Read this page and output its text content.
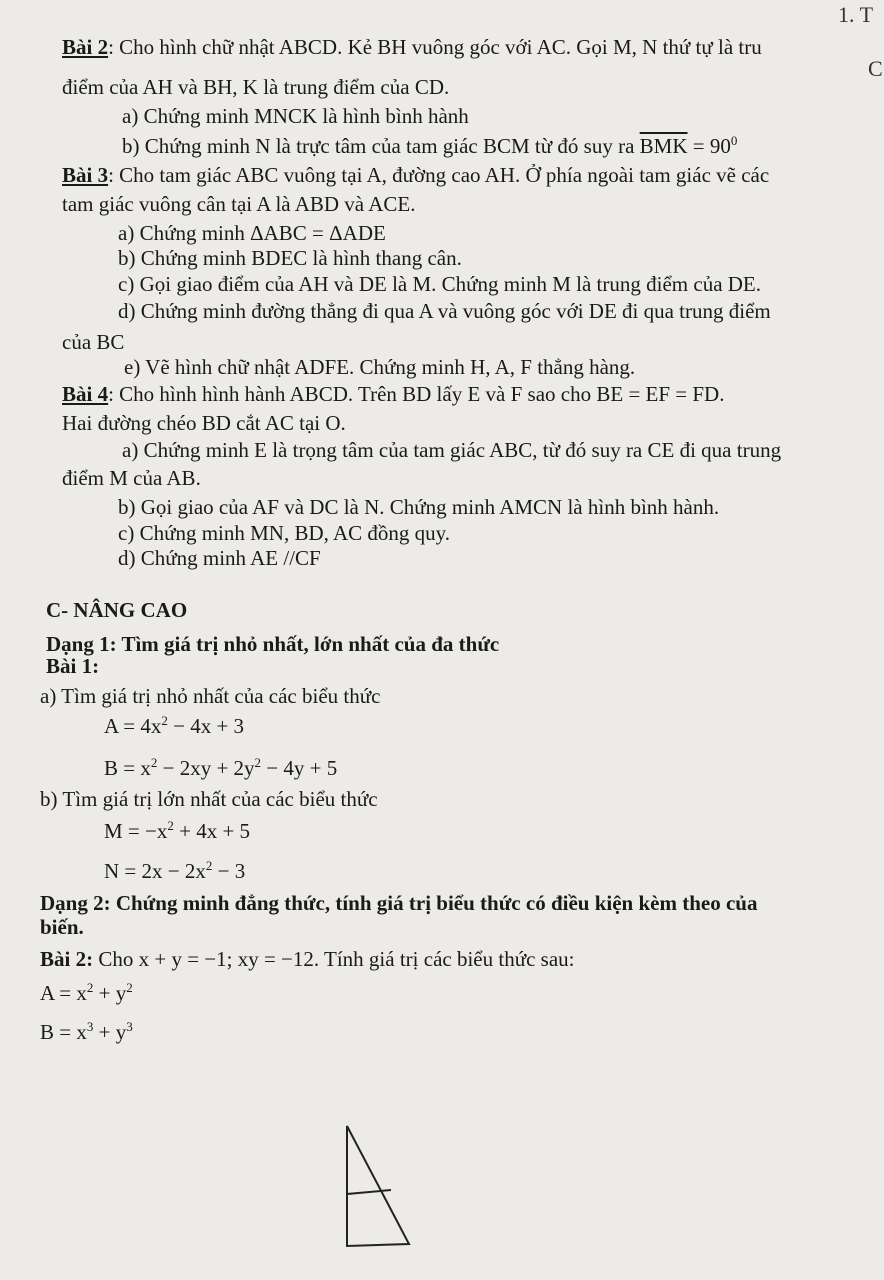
1. T
C
Bài 2: Cho hình chữ nhật ABCD. Kẻ BH vuông góc với AC. Gọi M, N thứ tự là tru
điểm của AH và BH, K là trung điểm của CD.
a) Chứng minh MNCK là hình bình hành
b) Chứng minh N là trực tâm của tam giác BCM từ đó suy ra $\overline{BMK} = 90^0$
Bài 3: Cho tam giác ABC vuông tại A, đường cao AH. Ở phía ngoài tam giác vẽ các
tam giác vuông cân tại A là ABD và ACE.
a) Chứng minh ΔABC = ΔADE
b) Chứng minh BDEC là hình thang cân.
c) Gọi giao điểm của AH và DE là M. Chứng minh M là trung điểm của DE.
d) Chứng minh đường thẳng đi qua A và vuông góc với DE đi qua trung điểm
của BC
e) Vẽ hình chữ nhật ADFE. Chứng minh H, A, F thẳng hàng.
Bài 4: Cho hình hình hành ABCD. Trên BD lấy E và F sao cho BE = EF = FD.
Hai đường chéo BD cắt AC tại O.
a) Chứng minh E là trọng tâm của tam giác ABC, từ đó suy ra CE đi qua trung
điểm M của AB.
b) Gọi giao của AF và DC là N. Chứng minh AMCN là hình bình hành.
c) Chứng minh MN, BD, AC đồng quy.
d) Chứng minh AE //CF
C- NÂNG CAO
Dạng 1: Tìm giá trị nhỏ nhất, lớn nhất của đa thức
Bài 1:
a) Tìm giá trị nhỏ nhất của các biểu thức
$A = 4x^2 - 4x + 3$
$B = x^2 - 2xy + 2y^2 - 4y + 5$
b) Tìm giá trị lớn nhất của các biểu thức
$M = -x^2 + 4x + 5$
$N = 2x - 2x^2 - 3$
Dạng 2: Chứng minh đẳng thức, tính giá trị biểu thức có điều kiện kèm theo của
biến.
Bài 2: Cho x + y = −1; xy = −12. Tính giá trị các biểu thức sau:
$A = x^2 + y^2$
$B = x^3 + y^3$
